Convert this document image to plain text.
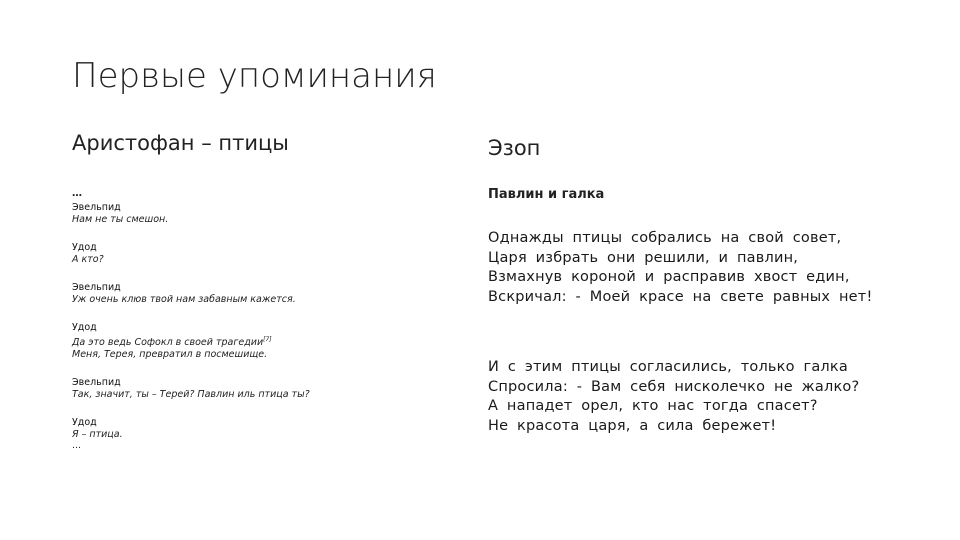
Первые упоминания
Аристофан – птицы	Эзоп
…
Эвельпид
Нам не ты смешон.
Удод
А кто?
Эвельпид
Уж очень клюв твой нам забавным кажется.
Удод
Да это ведь Софокл в своей трагедии[7]
Меня, Терея, превратил в посмешище.
Эвельпид
Так, значит, ты – Терей? Павлин иль птица ты?
Удод
Я – птица.
…
Павлин и галка
Однажды птицы собрались на свой совет,
Царя избрать они решили, и павлин,
Взмахнув короной и расправив хвост един,
Вскричал: - Моей красе на свете равных нет!
И с этим птицы согласились, только галка
Спросила: - Вам себя нисколечко не жалко?
А нападет орел, кто нас тогда спасет?
Не красота царя, а сила бережет!
